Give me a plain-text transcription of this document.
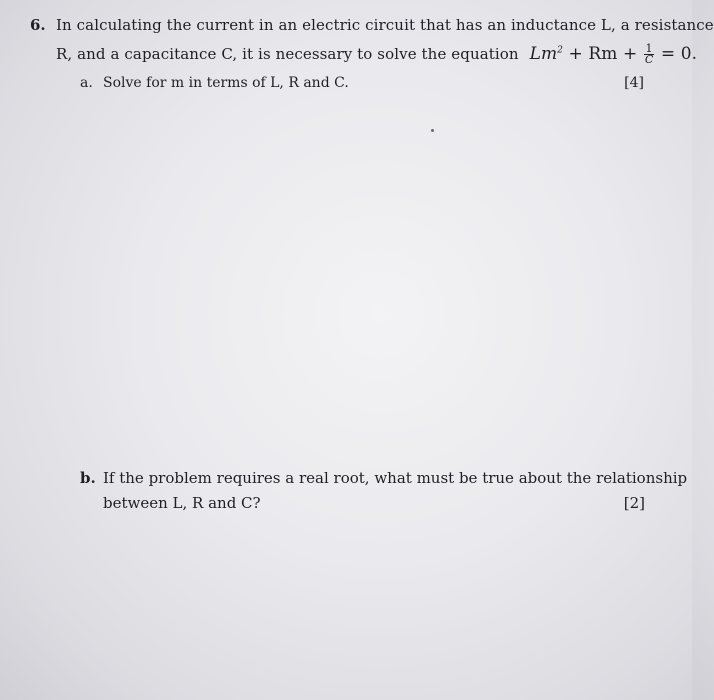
6. In calculating the current in an electric circuit that has an inductance L, a resistance
R, and a capacitance C, it is necessary to solve the equation $Lm^2 + Rm + \frac{1}{C} = 0$.
a. Solve for m in terms of L, R and C.	[4]
b. If the problem requires a real root, what must be true about the relationship
between L, R and C?	[2]
